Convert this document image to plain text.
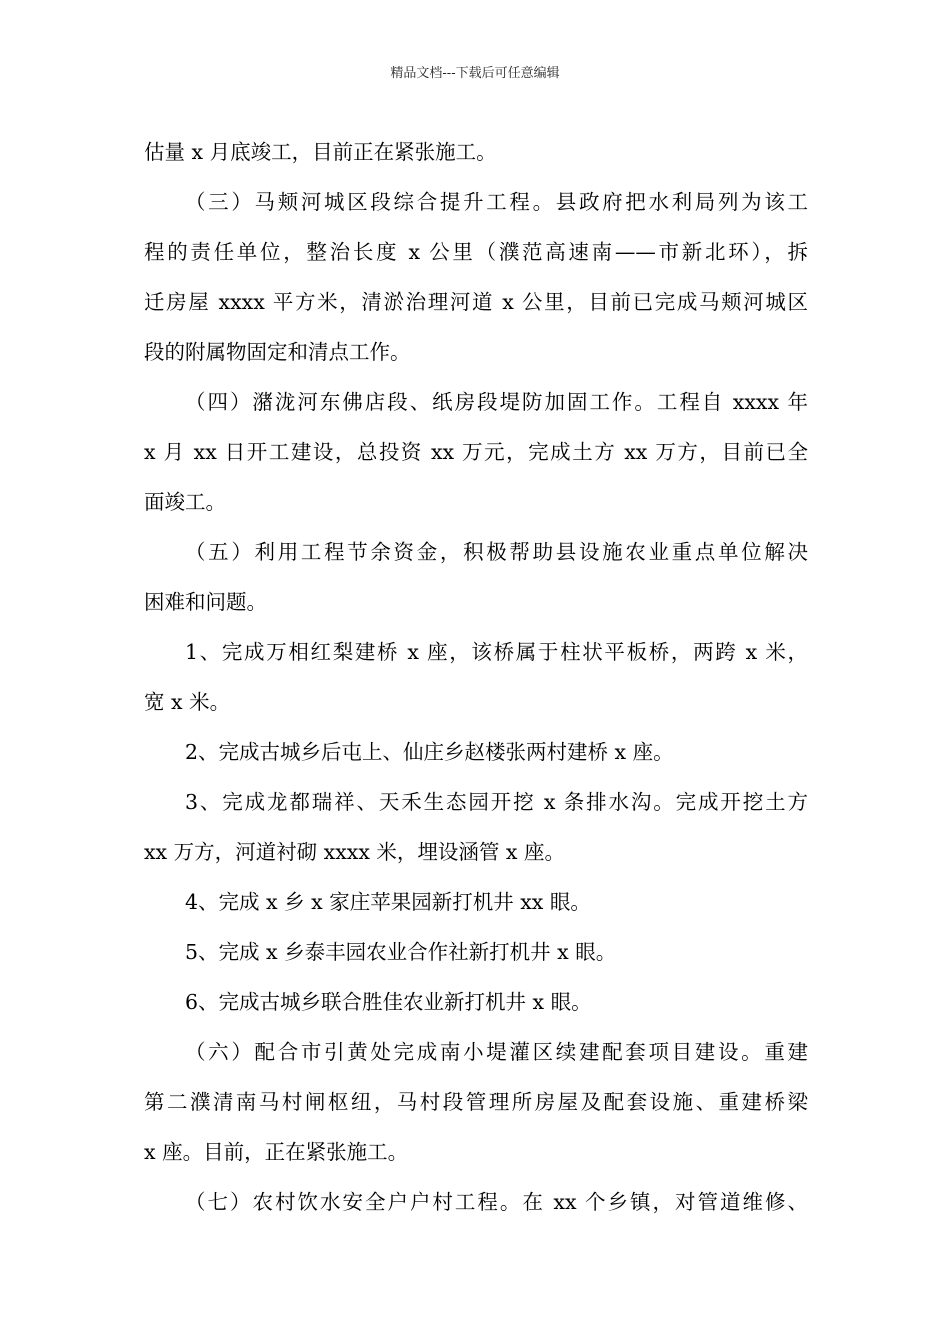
精品文档---下载后可任意编辑
估量 x 月底竣工，目前正在紧张施工。
（三）马颊河城区段综合提升工程。县政府把水利局列为该工
程的责任单位，整治长度 x 公里（濮范高速南——市新北环），拆
迁房屋 xxxx 平方米，清淤治理河道 x 公里，目前已完成马颊河城区
段的附属物固定和清点工作。
（四）潴泷河东佛店段、纸房段堤防加固工作。工程自 xxxx 年
x 月 xx 日开工建设，总投资 xx 万元，完成土方 xx 万方，目前已全
面竣工。
（五）利用工程节余资金，积极帮助县设施农业重点单位解决
困难和问题。
1、完成万相红梨建桥 x 座，该桥属于柱状平板桥，两跨 x 米，
宽 x 米。
2、完成古城乡后屯上、仙庄乡赵楼张两村建桥 x 座。
3、完成龙都瑞祥、天禾生态园开挖 x 条排水沟。完成开挖土方
xx 万方，河道衬砌 xxxx 米，埋设涵管 x 座。
4、完成 x 乡 x 家庄苹果园新打机井 xx 眼。
5、完成 x 乡泰丰园农业合作社新打机井 x 眼。
6、完成古城乡联合胜佳农业新打机井 x 眼。
（六）配合市引黄处完成南小堤灌区续建配套项目建设。重建
第二濮清南马村闸枢纽，马村段管理所房屋及配套设施、重建桥梁
x 座。目前，正在紧张施工。
（七）农村饮水安全户户村工程。在 xx 个乡镇，对管道维修、
